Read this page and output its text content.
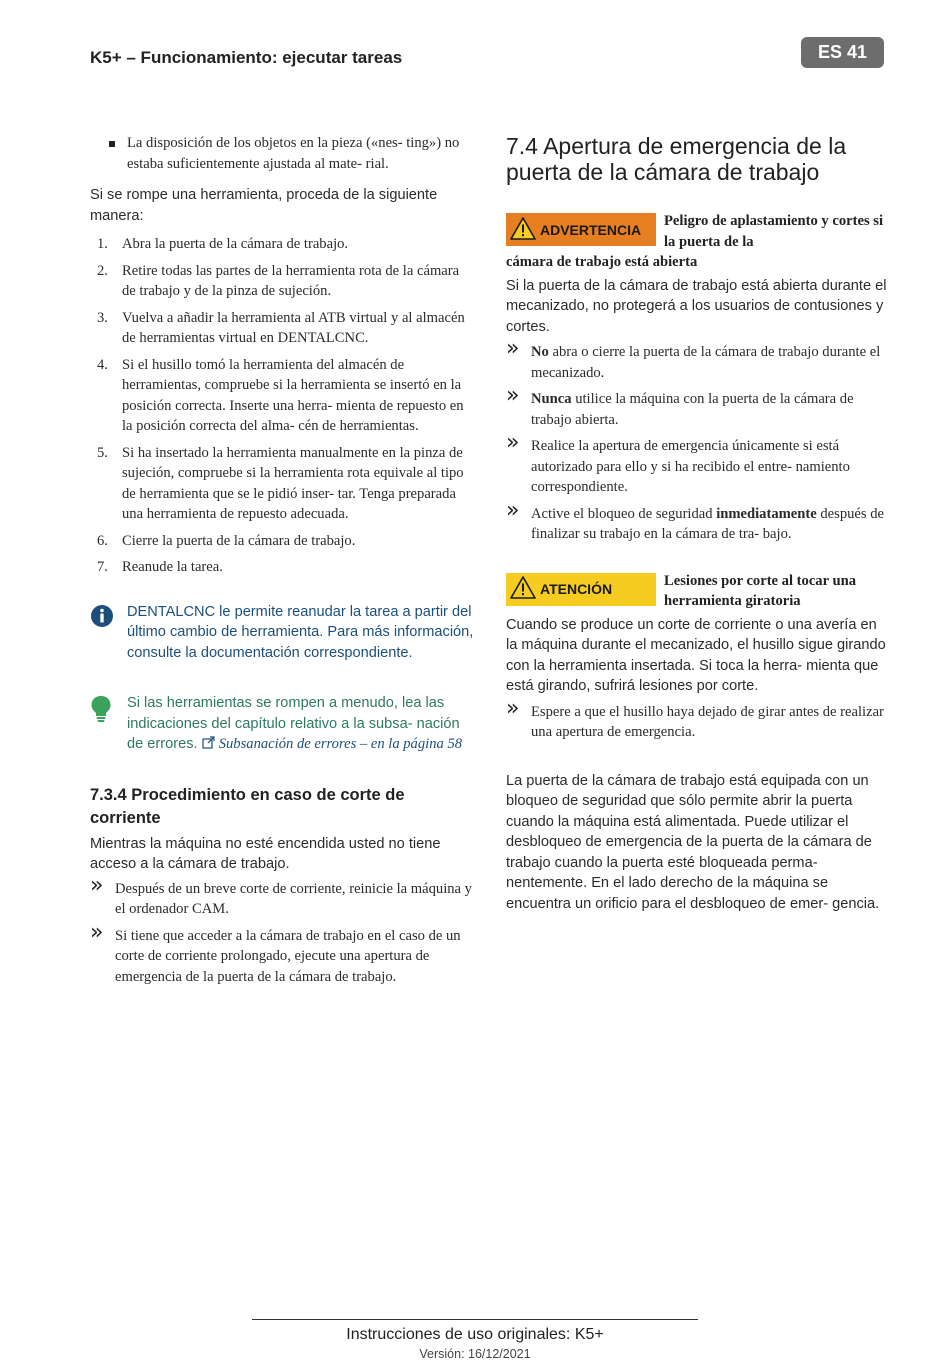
K5+ – Funcionamiento: ejecutar tareas	ES 41
La disposición de los objetos en la pieza («nes- ting») no estaba suficientemente ajustada al mate- rial.

Si se rompe una herramienta, proceda de la siguiente manera:

1. Abra la puerta de la cámara de trabajo.
2. Retire todas las partes de la herramienta rota de la cámara de trabajo y de la pinza de sujeción.
3. Vuelva a añadir la herramienta al ATB virtual y al almacén de herramientas virtual en DENTALCNC.
4. Si el husillo tomó la herramienta del almacén de herramientas, compruebe si la herramienta se insertó en la posición correcta. Inserte una herra- mienta de repuesto en la posición correcta del alma- cén de herramientas.
5. Si ha insertado la herramienta manualmente en la pinza de sujeción, compruebe si la herramienta rota equivale al tipo de herramienta que se le pidió inser- tar. Tenga preparada una herramienta de repuesto adecuada.
6. Cierre la puerta de la cámara de trabajo.
7. Reanude la tarea.

DENTALCNC le permite reanudar la tarea a partir del último cambio de herramienta. Para más información, consulte la documentación correspondiente.

Si las herramientas se rompen a menudo, lea las indicaciones del capítulo relativo a la subsa- nación de errores. Subsanación de errores – en la página 58

7.3.4 Procedimiento en caso de corte de corriente

Mientras la máquina no esté encendida usted no tiene acceso a la cámara de trabajo.

» Después de un breve corte de corriente, reinicie la máquina y el ordenador CAM.
» Si tiene que acceder a la cámara de trabajo en el caso de un corte de corriente prolongado, ejecute una apertura de emergencia de la puerta de la cámara de trabajo.
7.4 Apertura de emergencia de la puerta de la cámara de trabajo
ADVERTENCIA
Peligro de aplastamiento y cortes si la puerta de la
cámara de trabajo está abierta

Si la puerta de la cámara de trabajo está abierta durante el mecanizado, no protegerá a los usuarios de contusiones y cortes.

» No abra o cierre la puerta de la cámara de trabajo durante el mecanizado.
» Nunca utilice la máquina con la puerta de la cámara de trabajo abierta.
» Realice la apertura de emergencia únicamente si está autorizado para ello y si ha recibido el entre- namiento correspondiente.
» Active el bloqueo de seguridad inmediatamente después de finalizar su trabajo en la cámara de tra- bajo.
ATENCIÓN
Lesiones por corte al tocar una herramienta giratoria

Cuando se produce un corte de corriente o una avería en la máquina durante el mecanizado, el husillo sigue girando con la herramienta insertada. Si toca la herra- mienta que está girando, sufrirá lesiones por corte.

» Espere a que el husillo haya dejado de girar antes de realizar una apertura de emergencia.

La puerta de la cámara de trabajo está equipada con un bloqueo de seguridad que sólo permite abrir la puerta cuando la máquina está alimentada. Puede utilizar el desbloqueo de emergencia de la puerta de la cámara de trabajo cuando la puerta esté bloqueada perma- nentemente. En el lado derecho de la máquina se encuentra un orificio para el desbloqueo de emer- gencia.

Instrucciones de uso originales: K5+
Versión: 16/12/2021
